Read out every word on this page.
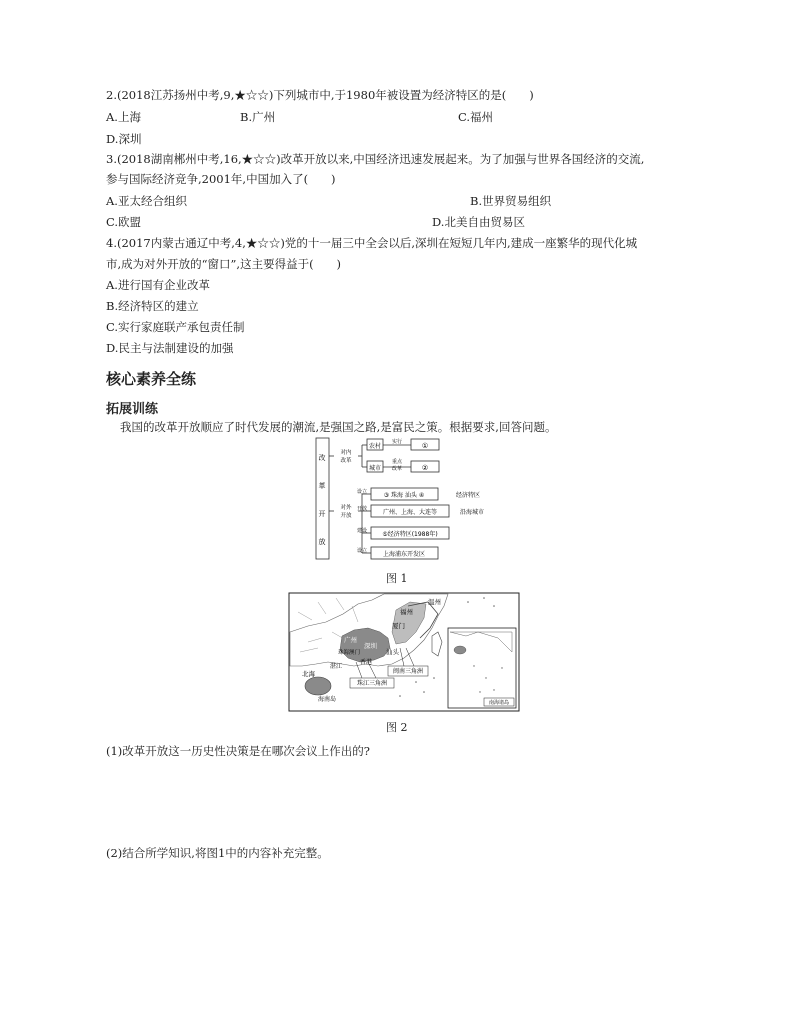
2.(2018江苏扬州中考,9,★☆☆)下列城市中,于1980年被设置为经济特区的是(　　)
A.上海	B.广州	C.福州
D.深圳
3.(2018湖南郴州中考,16,★☆☆)改革开放以来,中国经济迅速发展起来。为了加强与世界各国经济的交流,
参与国际经济竞争,2001年,中国加入了(　　)
A.亚太经合组织	B.世界贸易组织
C.欧盟	D.北美自由贸易区
4.(2017内蒙古通辽中考,4,★☆☆)党的十一届三中全会以后,深圳在短短几年内,建成一座繁华的现代化城
市,成为对外开放的“窗口”,这主要得益于(　　)
A.进行国有企业改革
B.经济特区的建立
C.实行家庭联产承包责任制
D.民主与法制建设的加强
核心素养全练
拓展训练
我国的改革开放顺应了时代发展的潮流,是强国之路,是富民之策。根据要求,回答问题。
改
革
开
放
对内
改革
对外
开放
农村
实行	①
城市
重点
改革	②
设立	③ 珠海 汕头 ④	经济特区
开放	广州、上海、大连等	沿海城市
建设	⑤经济特区(1988年)
设立	上海浦东开发区
图 1
南海诸岛
闽南三角洲
珠江三角洲
温州
福州
厦门
广州
深圳
珠海澳门	汕头
湛江
香港
北海
海南岛
图 2
(1)改革开放这一历史性决策是在哪次会议上作出的?
(2)结合所学知识,将图1中的内容补充完整。
